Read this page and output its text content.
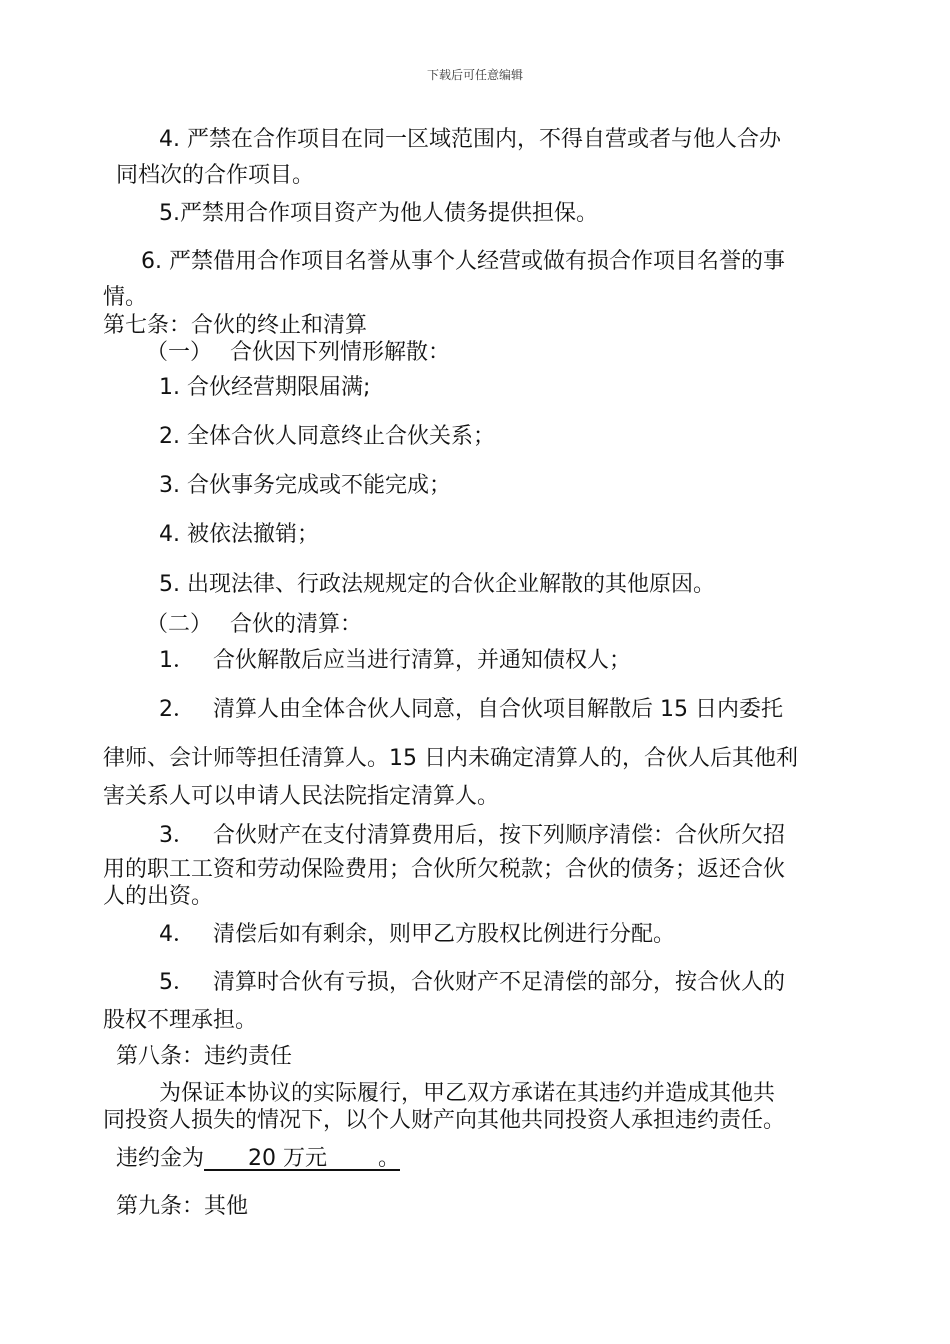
下载后可任意编辑
4. 严禁在合作项目在同一区域范围内，不得自营或者与他人合办
同档次的合作项目。
5.严禁用合作项目资产为他人债务提供担保。
6. 严禁借用合作项目名誉从事个人经营或做有损合作项目名誉的事
情。
第七条：合伙的终止和清算
（一）　 合伙因下列情形解散：
1. 合伙经营期限届满;
2. 全体合伙人同意终止合伙关系；
3. 合伙事务完成或不能完成；
4. 被依法撤销；
5. 出现法律、行政法规规定的合伙企业解散的其他原因。
（二）　 合伙的清算：
1．　 合伙解散后应当进行清算，并通知债权人；
2．　 清算人由全体合伙人同意，自合伙项目解散后 15 日内委托
律师、会计师等担任清算人。15 日内未确定清算人的，合伙人后其他利
害关系人可以申请人民法院指定清算人。
3．　 合伙财产在支付清算费用后，按下列顺序清偿：合伙所欠招
用的职工工资和劳动保险费用；合伙所欠税款；合伙的债务；返还合伙
人的出资。
4．　 清偿后如有剩余，则甲乙方股权比例进行分配。
5．　 清算时合伙有亏损，合伙财产不足清偿的部分，按合伙人的
股权不理承担。
第八条：违约责任
为保证本协议的实际履行，甲乙双方承诺在其违约并造成其他共
同投资人损失的情况下，以个人财产向其他共同投资人承担违约责任。
违约金为　　20 万元　　 。
第九条：其他
